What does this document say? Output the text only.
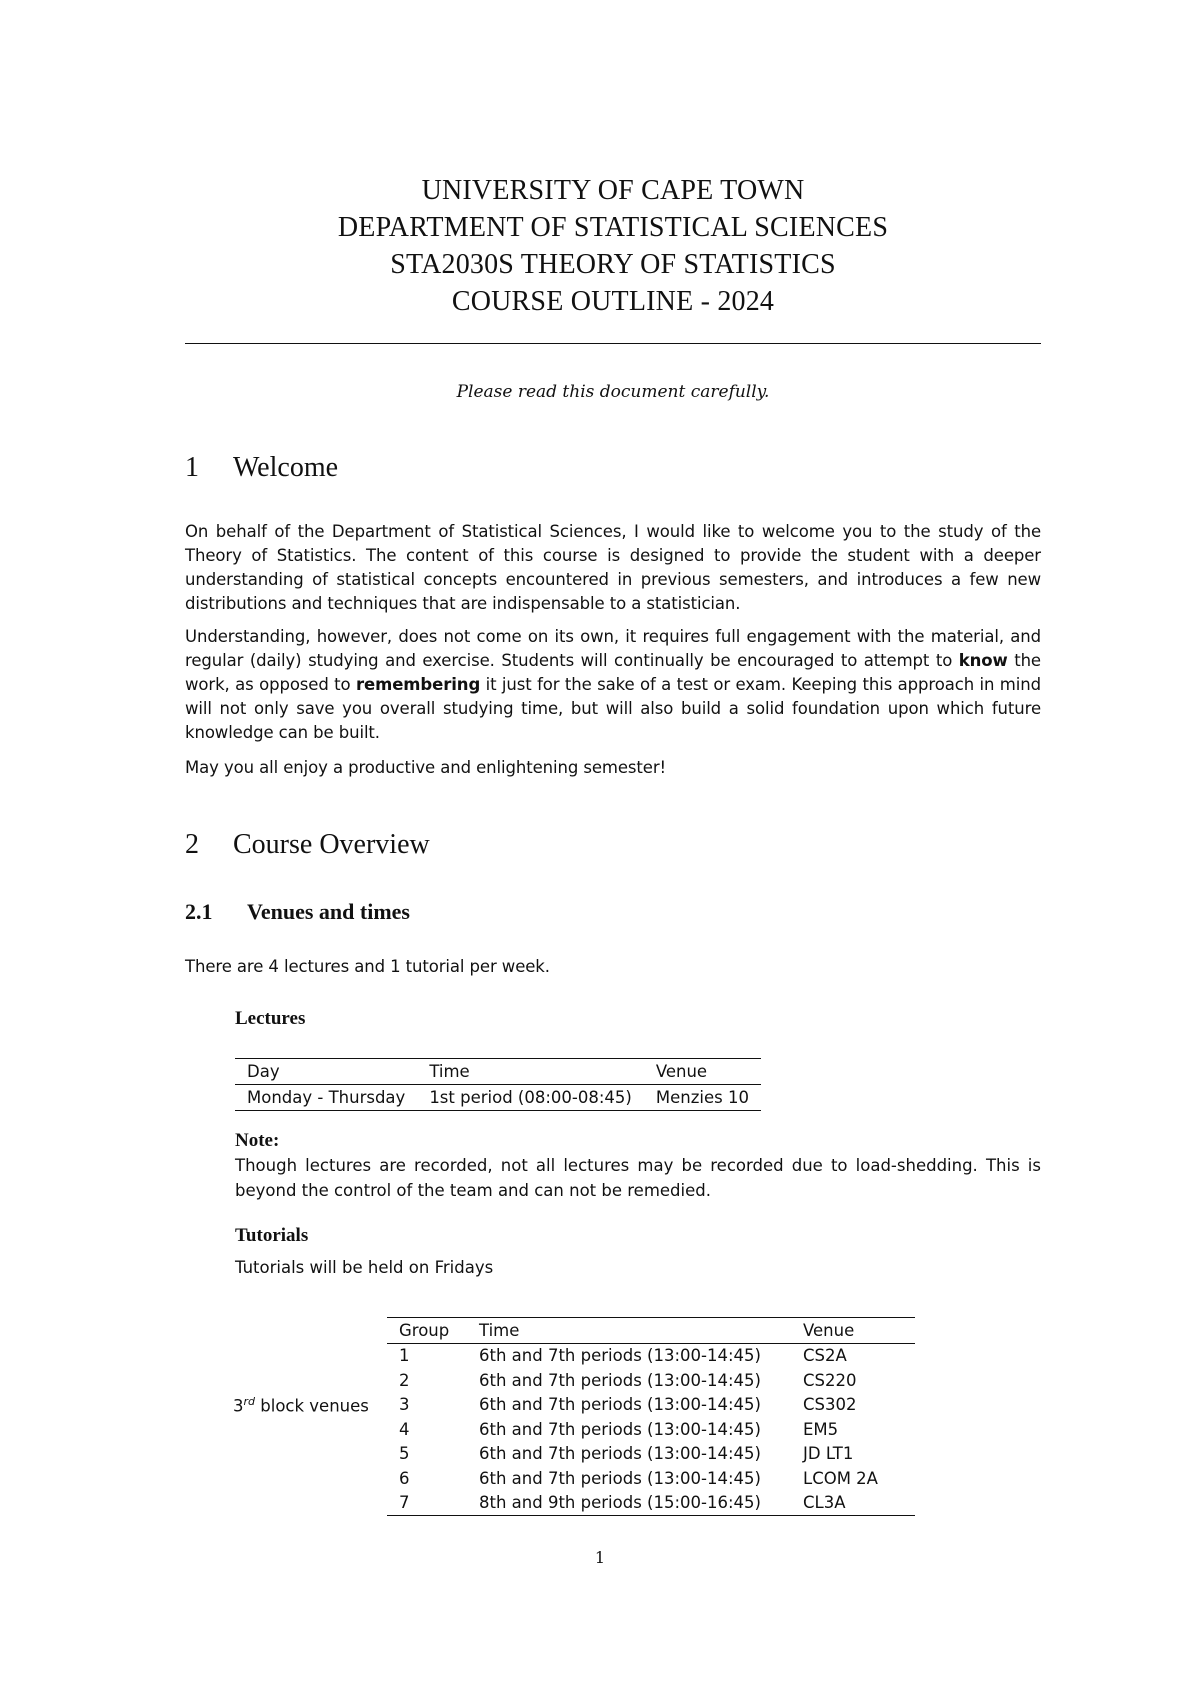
UNIVERSITY OF CAPE TOWN
DEPARTMENT OF STATISTICAL SCIENCES
STA2030S THEORY OF STATISTICS
COURSE OUTLINE - 2024
Please read this document carefully.
1 Welcome
On behalf of the Department of Statistical Sciences, I would like to welcome you to the study of the Theory of Statistics. The content of this course is designed to provide the student with a deeper understanding of statistical concepts encountered in previous semesters, and introduces a few new distributions and techniques that are indispensable to a statistician.
Understanding, however, does not come on its own, it requires full engagement with the material, and regular (daily) studying and exercise. Students will continually be encouraged to attempt to know the work, as opposed to remembering it just for the sake of a test or exam. Keeping this approach in mind will not only save you overall studying time, but will also build a solid foundation upon which future knowledge can be built.
May you all enjoy a productive and enlightening semester!
2 Course Overview
2.1 Venues and times
There are 4 lectures and 1 tutorial per week.
Lectures
Day	Time	Venue
Monday - Thursday	1st period (08:00-08:45)	Menzies 10
Note:
Though lectures are recorded, not all lectures may be recorded due to load-shedding. This is beyond the control of the team and can not be remedied.
Tutorials
Tutorials will be held on Fridays
3rd block venues
Group	Time	Venue
1	6th and 7th periods (13:00-14:45)	CS2A
2	6th and 7th periods (13:00-14:45)	CS220
3	6th and 7th periods (13:00-14:45)	CS302
4	6th and 7th periods (13:00-14:45)	EM5
5	6th and 7th periods (13:00-14:45)	JD LT1
6	6th and 7th periods (13:00-14:45)	LCOM 2A
7	8th and 9th periods (15:00-16:45)	CL3A
1
